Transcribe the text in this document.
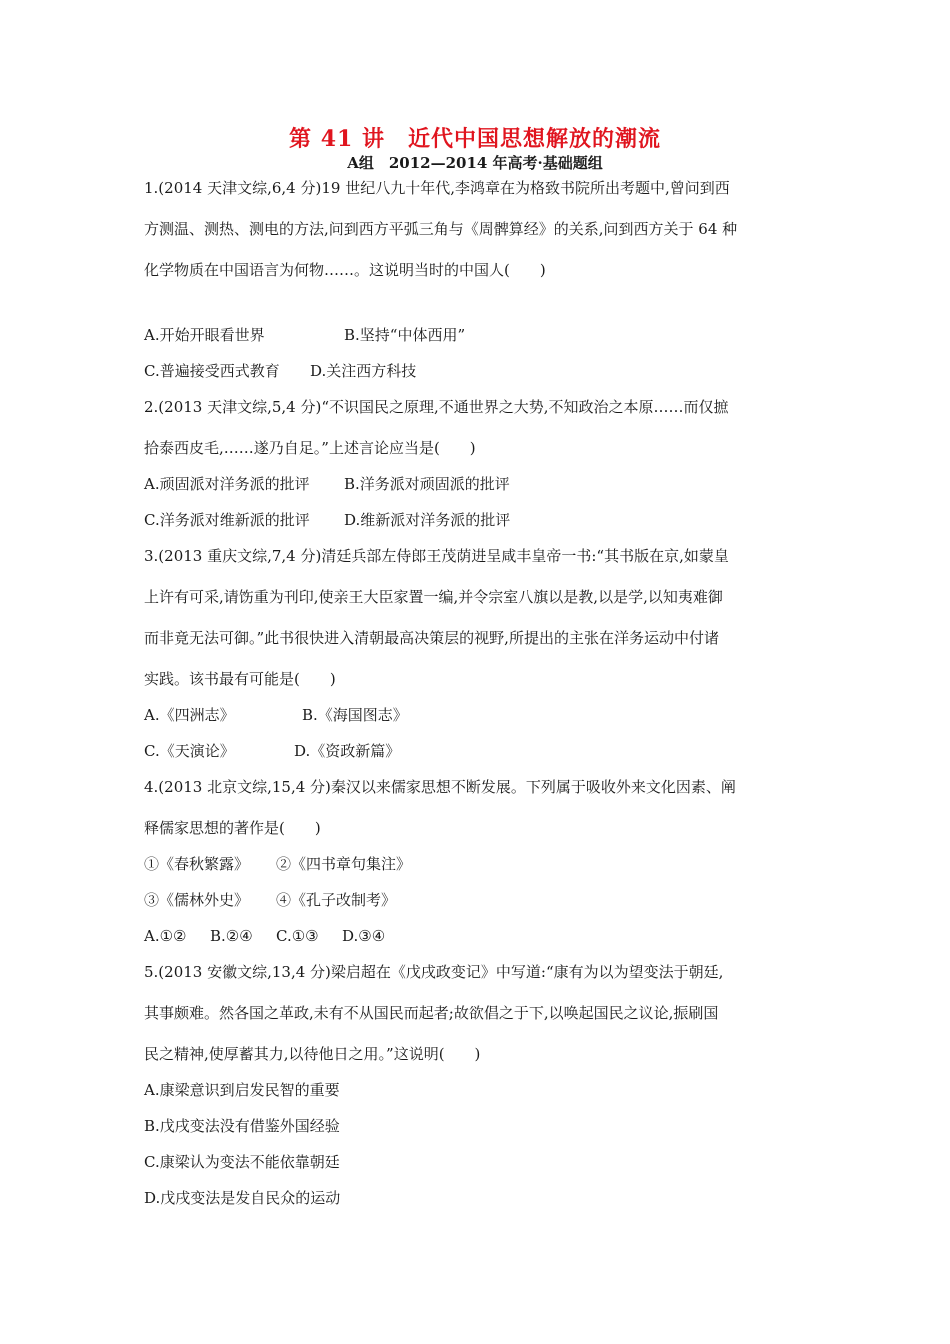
第 41 讲　近代中国思想解放的潮流
A组　2012—2014 年高考·基础题组
1.(2014 天津文综,6,4 分)19 世纪八九十年代,李鸿章在为格致书院所出考题中,曾问到西
方测温、测热、测电的方法,问到西方平弧三角与《周髀算经》的关系,问到西方关于 64 种
化学物质在中国语言为何物……。这说明当时的中国人(　　)
A.开始开眼看世界	B.坚持“中体西用”
C.普遍接受西式教育 D.关注西方科技
2.(2013 天津文综,5,4 分)“不识国民之原理,不通世界之大势,不知政治之本原……而仅摭
拾泰西皮毛,……遂乃自足。”上述言论应当是(　　)
A.顽固派对洋务派的批评 B.洋务派对顽固派的批评
C.洋务派对维新派的批评 D.维新派对洋务派的批评
3.(2013 重庆文综,7,4 分)清廷兵部左侍郎王茂荫进呈咸丰皇帝一书:“其书版在京,如蒙皇
上许有可采,请饬重为刊印,使亲王大臣家置一编,并令宗室八旗以是教,以是学,以知夷难御
而非竟无法可御。”此书很快进入清朝最高决策层的视野,所提出的主张在洋务运动中付诸
实践。该书最有可能是(　　)
A.《四洲志》	B.《海国图志》
C.《天演论》	D.《资政新篇》
4.(2013 北京文综,15,4 分)秦汉以来儒家思想不断发展。下列属于吸收外来文化因素、阐
释儒家思想的著作是(　　)
①《春秋繁露》 ②《四书章句集注》
③《儒林外史》 ④《孔子改制考》
A.①② B.②④ C.①③ D.③④
5.(2013 安徽文综,13,4 分)梁启超在《戊戌政变记》中写道:“康有为以为望变法于朝廷,
其事颇难。然各国之革政,未有不从国民而起者;故欲倡之于下,以唤起国民之议论,振刷国
民之精神,使厚蓄其力,以待他日之用。”这说明(　　)
A.康梁意识到启发民智的重要
B.戊戌变法没有借鉴外国经验
C.康梁认为变法不能依靠朝廷
D.戊戌变法是发自民众的运动
